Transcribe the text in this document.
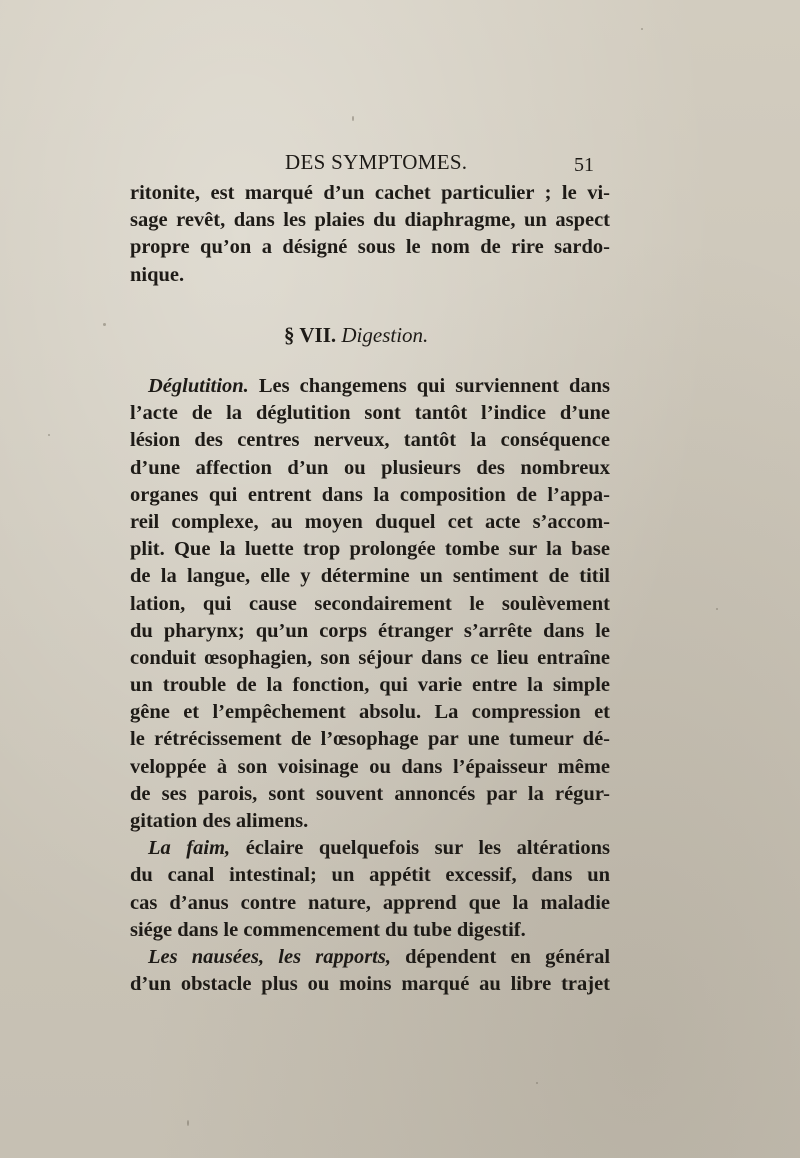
DES SYMPTOMES.	51
ritonite, est marqué d’un cachet particulier ; le vi-
sage revêt, dans les plaies du diaphragme, un aspect
propre qu’on a désigné sous le nom de rire sardo-
nique.
§ VII. Digestion.
Déglutition. Les changemens qui surviennent dans
l’acte de la déglutition sont tantôt l’indice d’une
lésion des centres nerveux, tantôt la conséquence
d’une affection d’un ou plusieurs des nombreux
organes qui entrent dans la composition de l’appa-
reil complexe, au moyen duquel cet acte s’accom-
plit. Que la luette trop prolongée tombe sur la base
de la langue, elle y détermine un sentiment de titil
lation, qui cause secondairement le soulèvement
du pharynx; qu’un corps étranger s’arrête dans le
conduit œsophagien, son séjour dans ce lieu entraîne
un trouble de la fonction, qui varie entre la simple
gêne et l’empêchement absolu. La compression et
le rétrécissement de l’œsophage par une tumeur dé-
veloppée à son voisinage ou dans l’épaisseur même
de ses parois, sont souvent annoncés par la régur-
gitation des alimens.
La faim, éclaire quelquefois sur les altérations
du canal intestinal; un appétit excessif, dans un
cas d’anus contre nature, apprend que la maladie
siége dans le commencement du tube digestif.
Les nausées, les rapports, dépendent en général
d’un obstacle plus ou moins marqué au libre trajet
